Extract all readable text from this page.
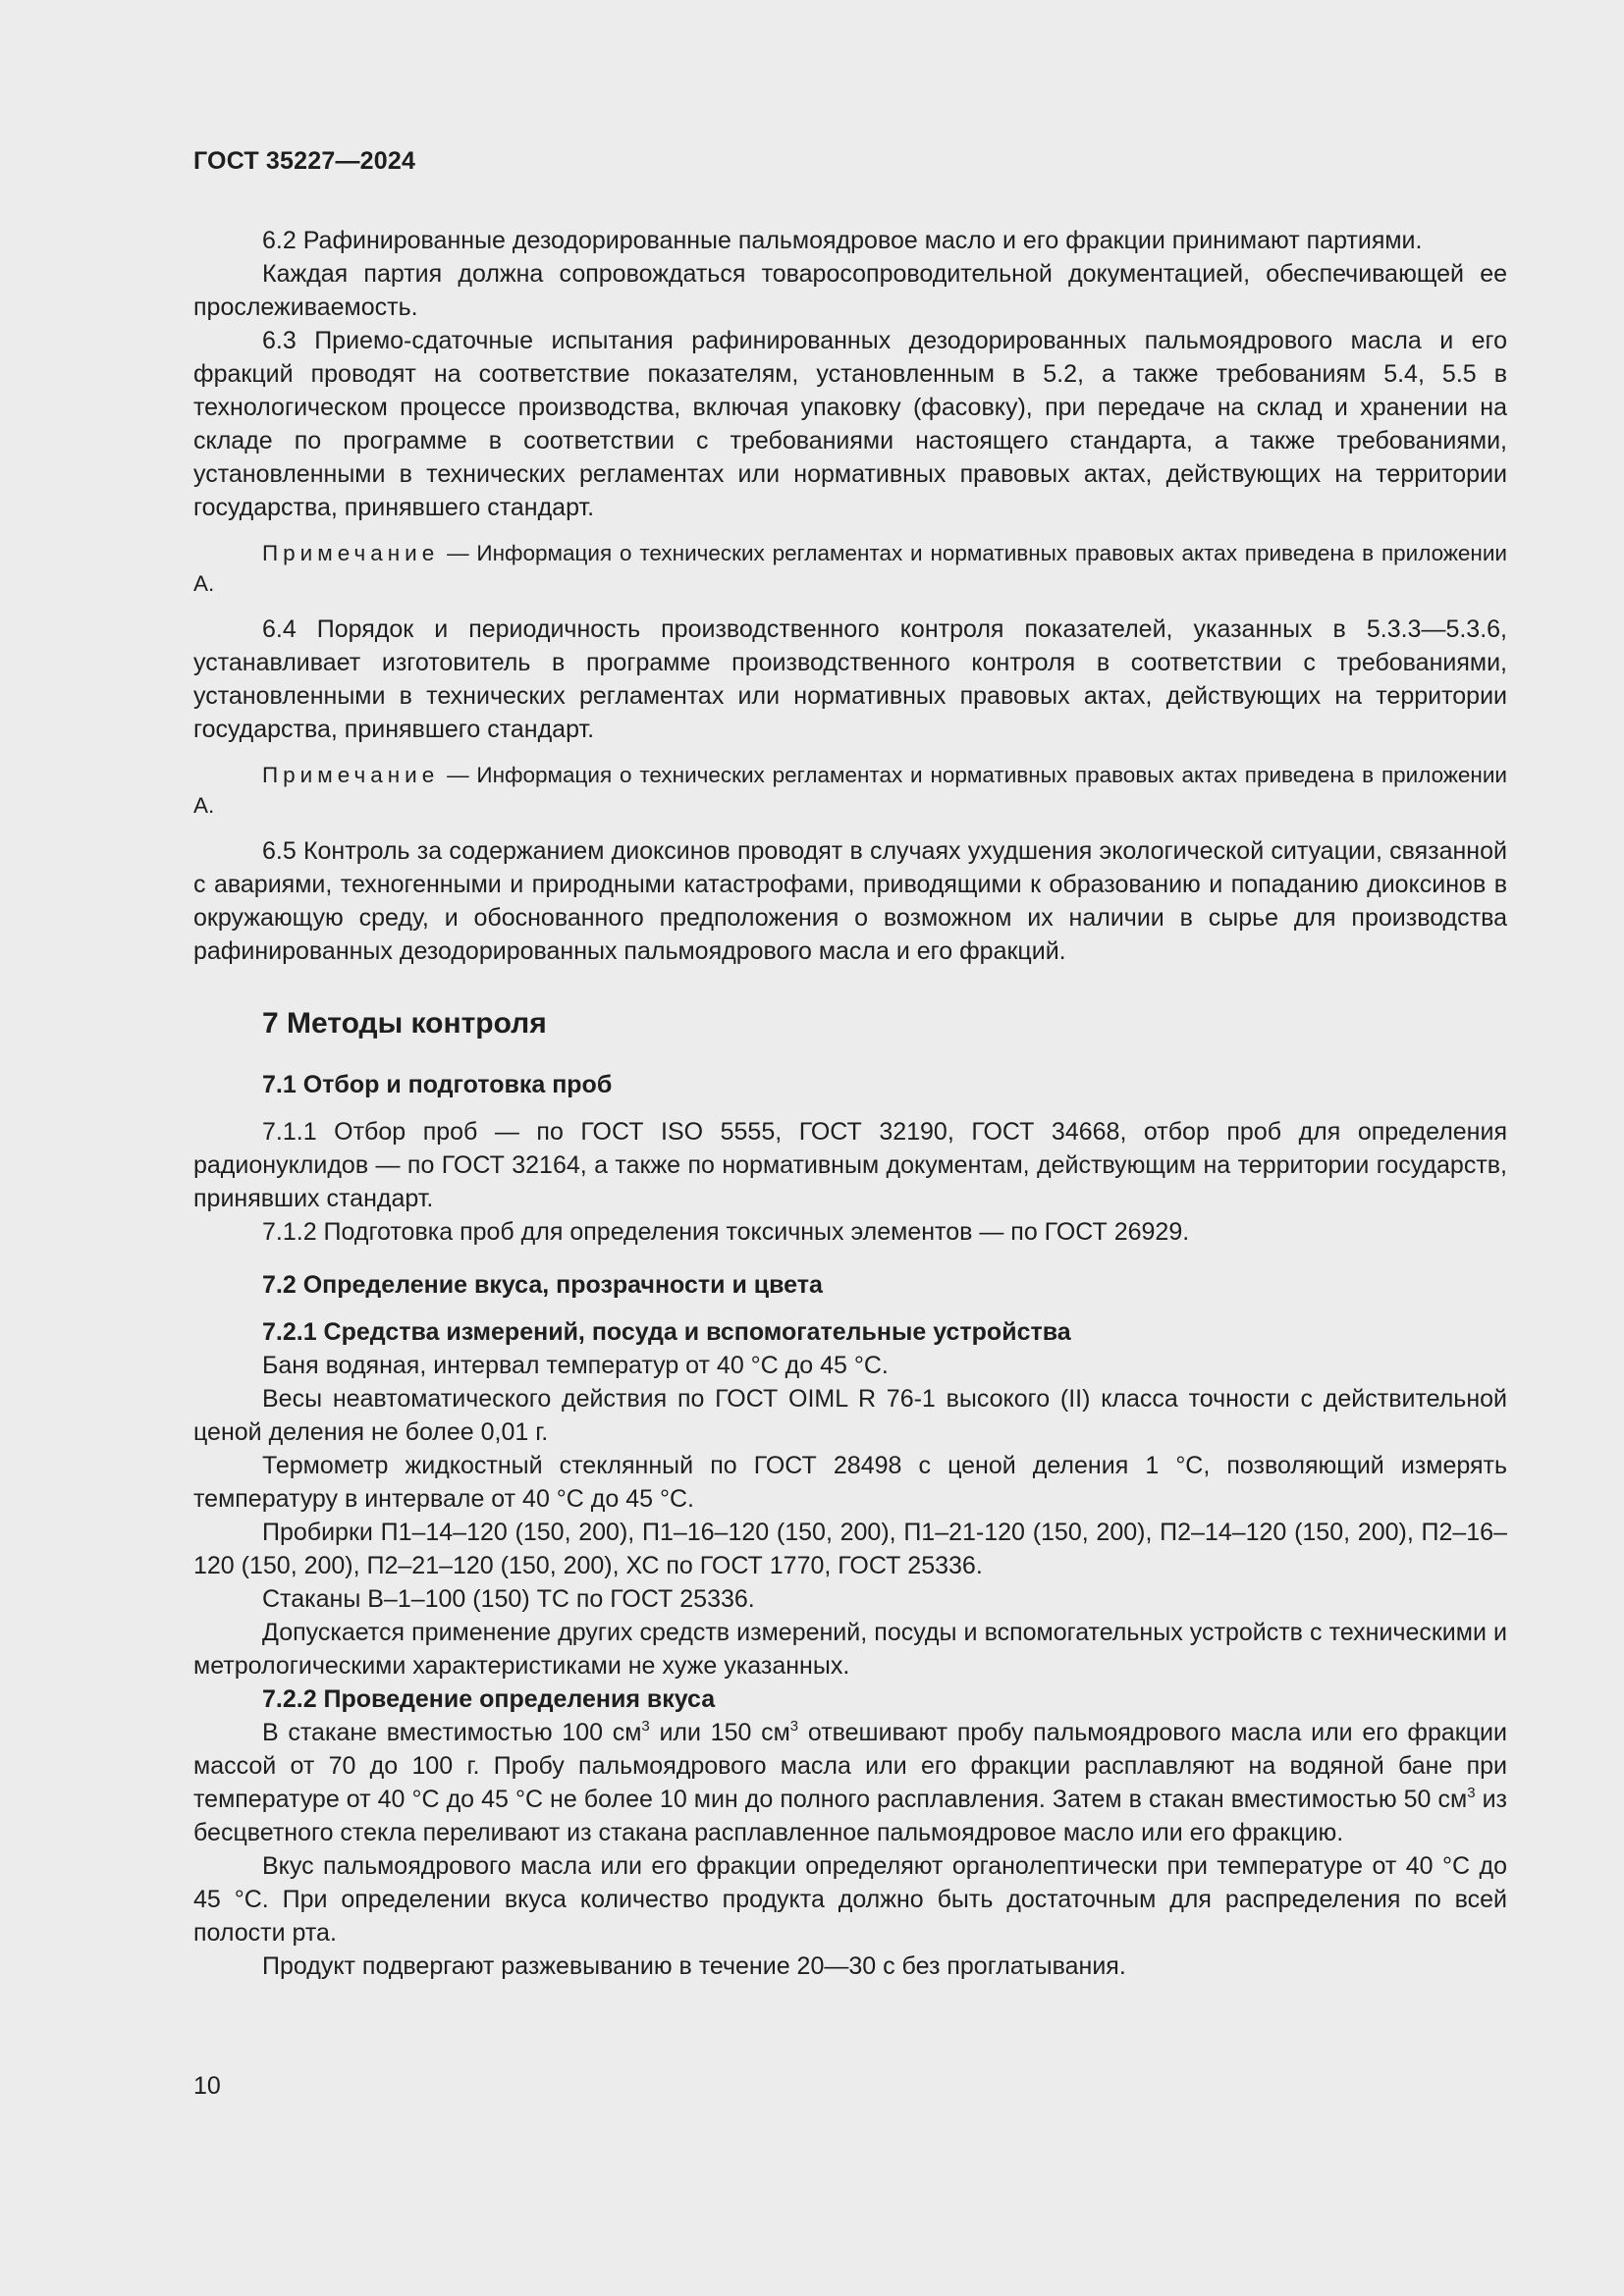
ГОСТ 35227—2024

6.2 Рафинированные дезодорированные пальмоядровое масло и его фракции принимают партиями.

Каждая партия должна сопровождаться товаросопроводительной документацией, обеспечивающей ее прослеживаемость.

6.3 Приемо-сдаточные испытания рафинированных дезодорированных пальмоядрового масла и его фракций проводят на соответствие показателям, установленным в 5.2, а также требованиям 5.4, 5.5 в технологическом процессе производства, включая упаковку (фасовку), при передаче на склад и хранении на складе по программе в соответствии с требованиями настоящего стандарта, а также требованиями, установленными в технических регламентах или нормативных правовых актах, действующих на территории государства, принявшего стандарт.

Примечание — Информация о технических регламентах и нормативных правовых актах приведена в приложении А.

6.4 Порядок и периодичность производственного контроля показателей, указанных в 5.3.3—5.3.6, устанавливает изготовитель в программе производственного контроля в соответствии с требованиями, установленными в технических регламентах или нормативных правовых актах, действующих на территории государства, принявшего стандарт.

Примечание — Информация о технических регламентах и нормативных правовых актах приведена в приложении А.

6.5 Контроль за содержанием диоксинов проводят в случаях ухудшения экологической ситуации, связанной с авариями, техногенными и природными катастрофами, приводящими к образованию и попаданию диоксинов в окружающую среду, и обоснованного предположения о возможном их наличии в сырье для производства рафинированных дезодорированных пальмоядрового масла и его фракций.

7 Методы контроля

7.1 Отбор и подготовка проб

7.1.1 Отбор проб — по ГОСТ ISO 5555, ГОСТ 32190, ГОСТ 34668, отбор проб для определения радионуклидов — по ГОСТ 32164, а также по нормативным документам, действующим на территории государств, принявших стандарт.

7.1.2 Подготовка проб для определения токсичных элементов — по ГОСТ 26929.

7.2 Определение вкуса, прозрачности и цвета

7.2.1 Средства измерений, посуда и вспомогательные устройства

Баня водяная, интервал температур от 40 °С до 45 °С.

Весы неавтоматического действия по ГОСТ OIML R 76-1 высокого (II) класса точности с действительной ценой деления не более 0,01 г.

Термометр жидкостный стеклянный по ГОСТ 28498 с ценой деления 1 °С, позволяющий измерять температуру в интервале от 40 °С до 45 °С.

Пробирки П1–14–120 (150, 200), П1–16–120 (150, 200), П1–21-120 (150, 200), П2–14–120 (150, 200), П2–16–120 (150, 200), П2–21–120 (150, 200), ХС по ГОСТ 1770, ГОСТ 25336.

Стаканы В–1–100 (150) ТС по ГОСТ 25336.

Допускается применение других средств измерений, посуды и вспомогательных устройств с техническими и метрологическими характеристиками не хуже указанных.

7.2.2 Проведение определения вкуса

В стакане вместимостью 100 $см^3$ или 150 $см^3$ отвешивают пробу пальмоядрового масла или его фракции массой от 70 до 100 г. Пробу пальмоядрового масла или его фракции расплавляют на водяной бане при температуре от 40 °С до 45 °С не более 10 мин до полного расплавления. Затем в стакан вместимостью 50 $см^3$ из бесцветного стекла переливают из стакана расплавленное пальмоядровое масло или его фракцию.

Вкус пальмоядрового масла или его фракции определяют органолептически при температуре от 40 °С до 45 °С. При определении вкуса количество продукта должно быть достаточным для распределения по всей полости рта.

Продукт подвергают разжевыванию в течение 20—30 с без проглатывания.

10
